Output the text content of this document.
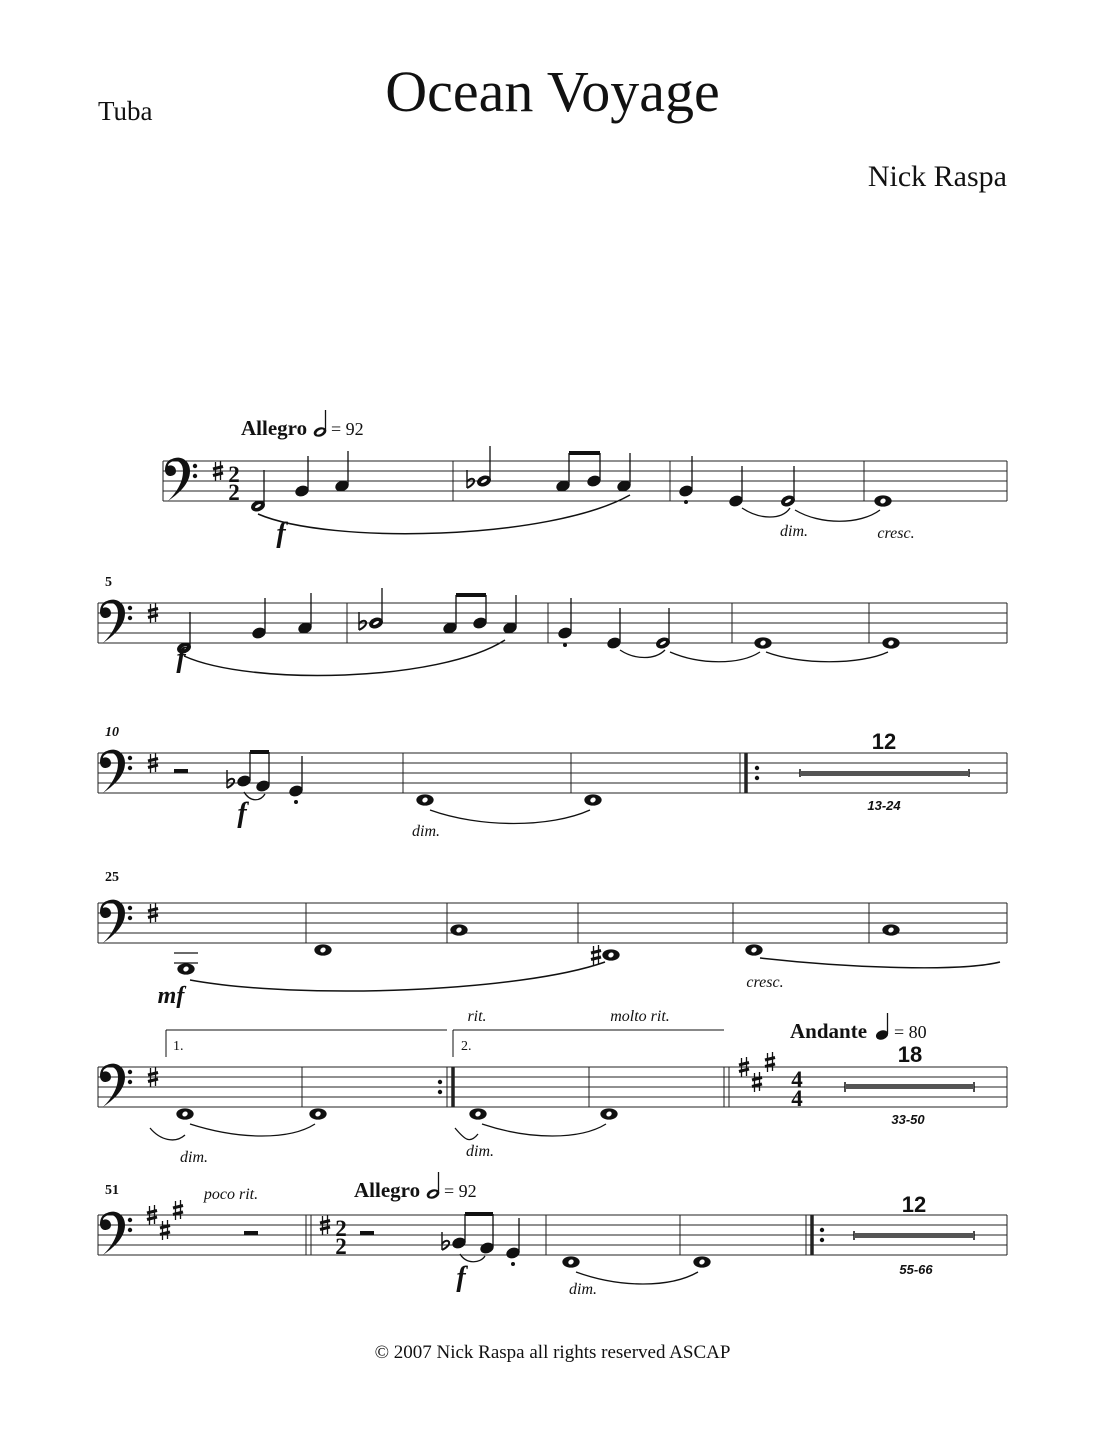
Tuba	Ocean Voyage
Nick Raspa
2
2
Allegro = 92
f	dim.	cresc.
5
f
10
f
dim.
12
13-24
25
mf
cresc.
1.	2.
rit.	molto rit.
dim.	dim.
4
4
Andante = 80
18
33-50
51	poco rit.
2
2
Allegro = 92
f	dim.
12
55-66
© 2007 Nick Raspa all rights reserved ASCAP
